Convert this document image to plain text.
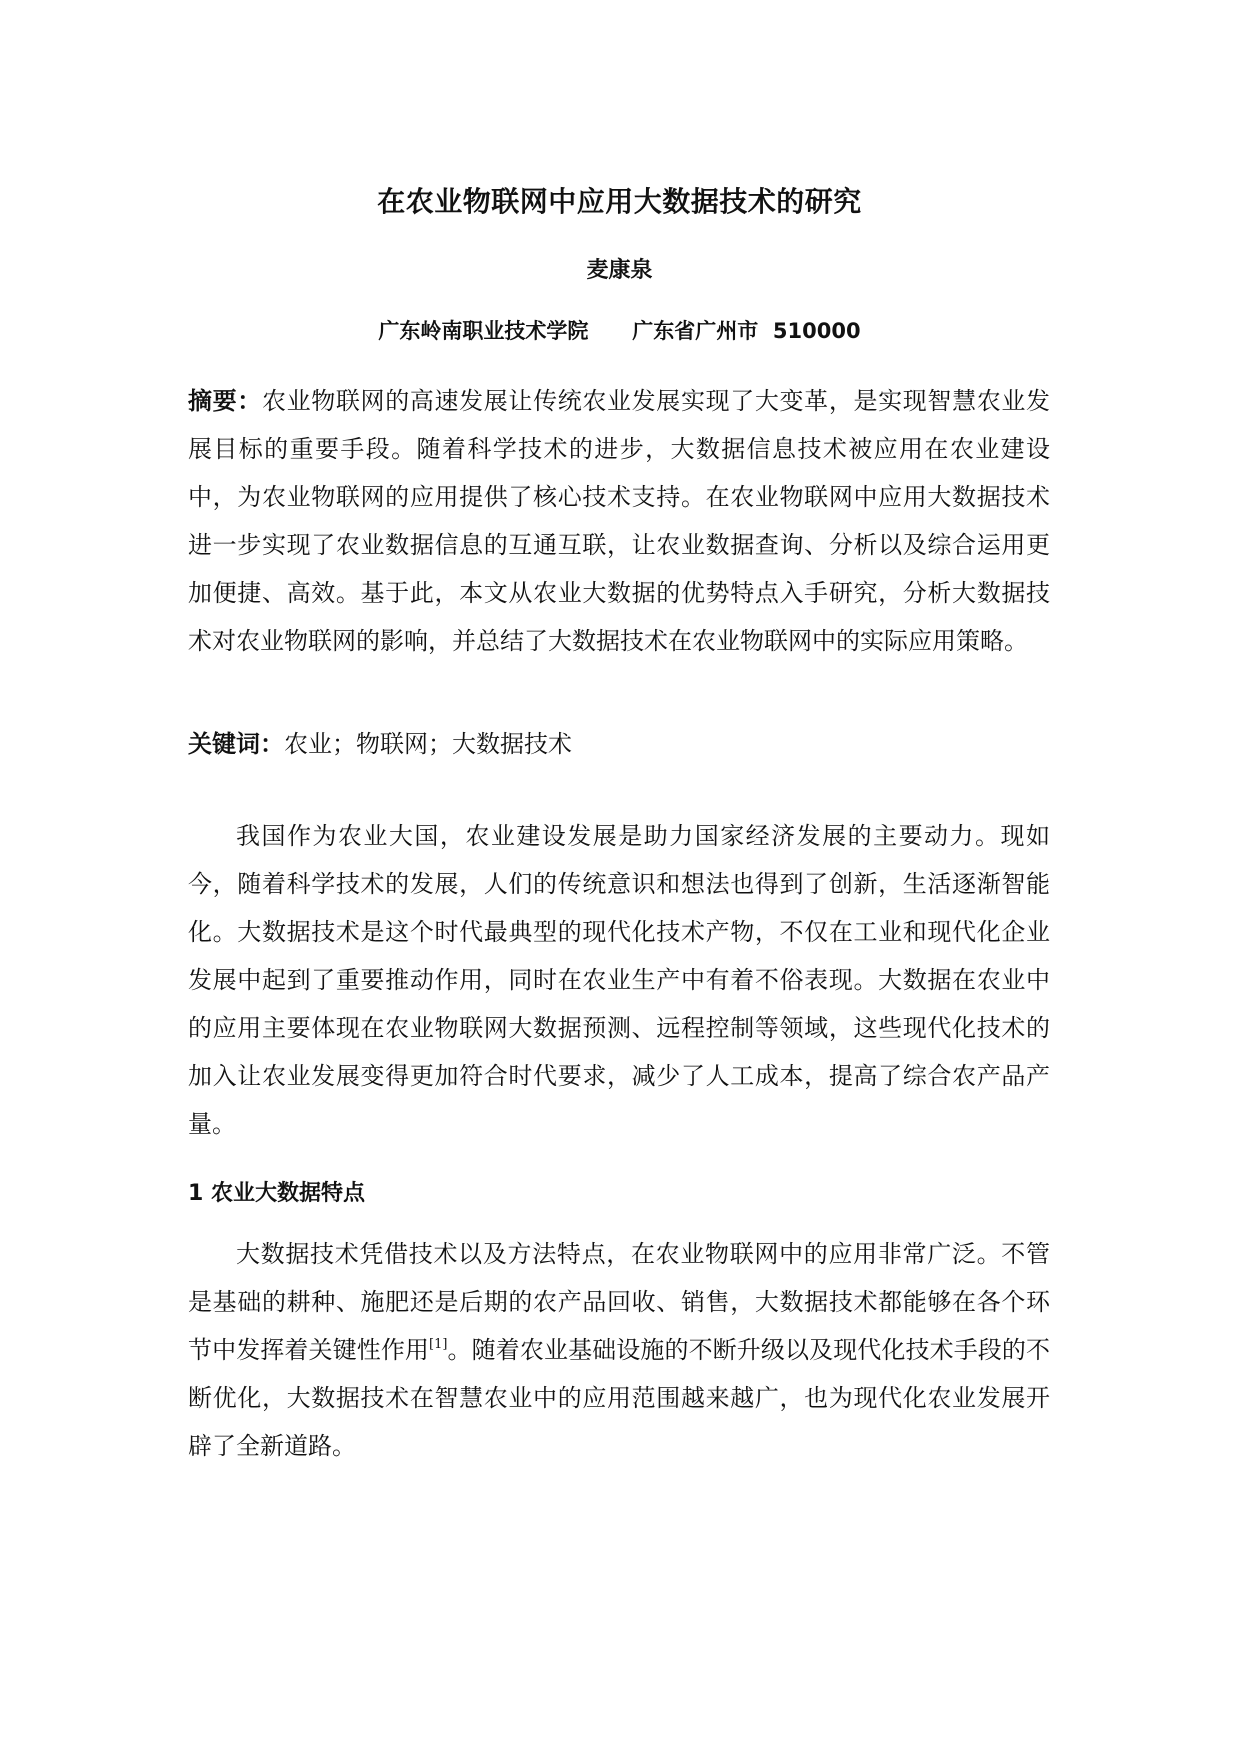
在农业物联网中应用大数据技术的研究
麦康泉
广东岭南职业技术学院      广东省广州市  510000

摘要：农业物联网的高速发展让传统农业发展实现了大变革，是实现智慧农业发展目标的重要手段。随着科学技术的进步，大数据信息技术被应用在农业建设中，为农业物联网的应用提供了核心技术支持。在农业物联网中应用大数据技术进一步实现了农业数据信息的互通互联，让农业数据查询、分析以及综合运用更加便捷、高效。基于此，本文从农业大数据的优势特点入手研究，分析大数据技术对农业物联网的影响，并总结了大数据技术在农业物联网中的实际应用策略。

关键词：农业；物联网；大数据技术

我国作为农业大国，农业建设发展是助力国家经济发展的主要动力。现如今，随着科学技术的发展，人们的传统意识和想法也得到了创新，生活逐渐智能化。大数据技术是这个时代最典型的现代化技术产物，不仅在工业和现代化企业发展中起到了重要推动作用，同时在农业生产中有着不俗表现。大数据在农业中的应用主要体现在农业物联网大数据预测、远程控制等领域，这些现代化技术的加入让农业发展变得更加符合时代要求，减少了人工成本，提高了综合农产品产量。

1 农业大数据特点

大数据技术凭借技术以及方法特点，在农业物联网中的应用非常广泛。不管是基础的耕种、施肥还是后期的农产品回收、销售，大数据技术都能够在各个环节中发挥着关键性作用[1]。随着农业基础设施的不断升级以及现代化技术手段的不断优化，大数据技术在智慧农业中的应用范围越来越广，也为现代化农业发展开辟了全新道路。
